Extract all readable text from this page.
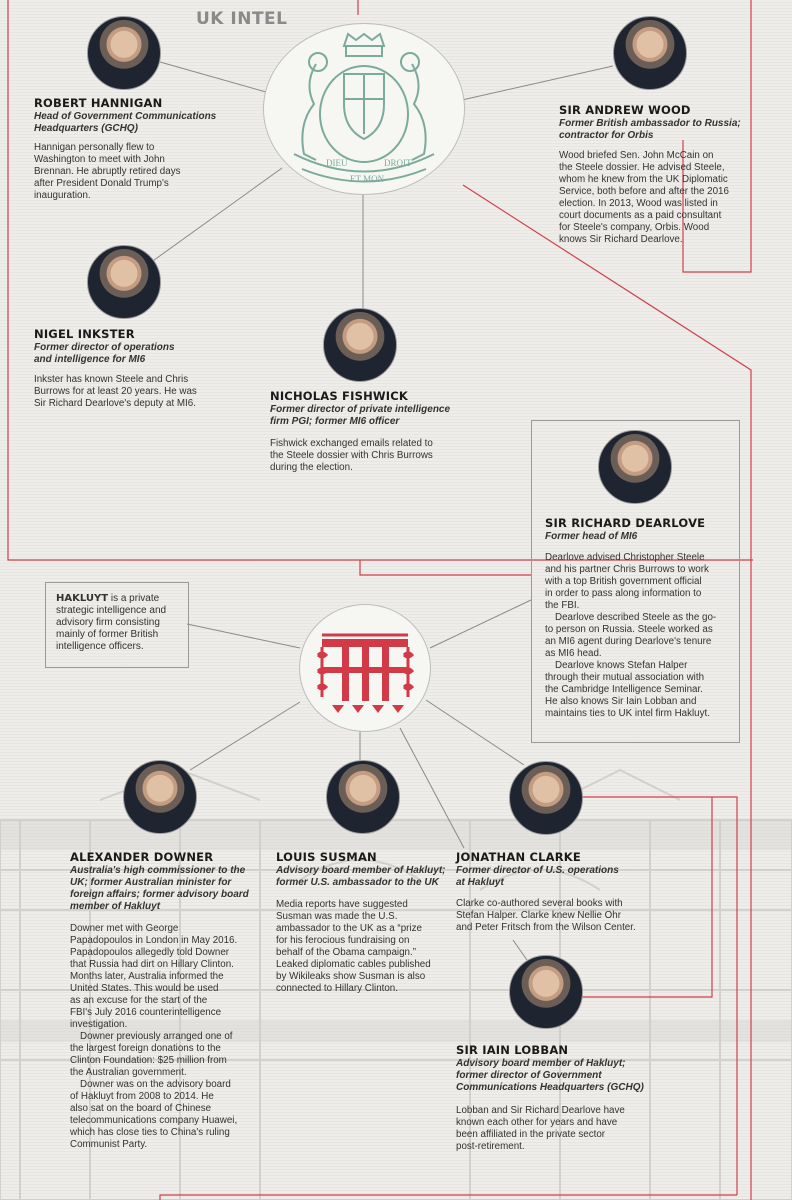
UK INTEL
DIEU	DROIT
ET MON
HAKLUYT is a private
strategic intelligence and
advisory firm consisting
mainly of former British
intelligence officers.
ROBERT HANNIGAN
Head of Government Communications
Headquarters (GCHQ)
Hannigan personally flew to
Washington to meet with John
Brennan. He abruptly retired days
after President Donald Trump's
inauguration.
SIR ANDREW WOOD
Former British ambassador to Russia;
contractor for Orbis
Wood briefed Sen. John McCain on
the Steele dossier. He advised Steele,
whom he knew from the UK Diplomatic
Service, both before and after the 2016
election. In 2013, Wood was listed in
court documents as a paid consultant
for Steele's company, Orbis. Wood
knows Sir Richard Dearlove.
NIGEL INKSTER
Former director of operations
and intelligence for MI6
Inkster has known Steele and Chris
Burrows for at least 20 years. He was
Sir Richard Dearlove's deputy at MI6.
NICHOLAS FISHWICK
Former director of private intelligence
firm PGI; former MI6 officer
Fishwick exchanged emails related to
the Steele dossier with Chris Burrows
during the election.
SIR RICHARD DEARLOVE
Former head of MI6

Dearlove advised Christopher Steele
and his partner Chris Burrows to work
with a top British government official
in order to pass along information to
the FBI.

Dearlove described Steele as the go-
to person on Russia. Steele worked as
an MI6 agent during Dearlove's tenure
as MI6 head.

Dearlove knows Stefan Halper
through their mutual association with
the Cambridge Intelligence Seminar.
He also knows Sir Iain Lobban and
maintains ties to UK intel firm Hakluyt.

ALEXANDER DOWNER
Australia's high commissioner to the
UK; former Australian minister for
foreign affairs; former advisory board
member of Hakluyt

Downer met with George
Papadopoulos in London in May 2016.
Papadopoulos allegedly told Downer
that Russia had dirt on Hillary Clinton.
Months later, Australia informed the
United States. This would be used
as an excuse for the start of the
FBI's July 2016 counterintelligence
investigation.

Downer previously arranged one of
the largest foreign donations to the
Clinton Foundation: $25 million from
the Australian government.

Downer was on the advisory board
of Hakluyt from 2008 to 2014. He
also sat on the board of Chinese
telecommunications company Huawei,
which has close ties to China's ruling
Communist Party.

LOUIS SUSMAN
Advisory board member of Hakluyt;
former U.S. ambassador to the UK
Media reports have suggested
Susman was made the U.S.
ambassador to the UK as a “prize
for his ferocious fundraising on
behalf of the Obama campaign.”
Leaked diplomatic cables published
by Wikileaks show Susman is also
connected to Hillary Clinton.
JONATHAN CLARKE
Former director of U.S. operations
at Hakluyt
Clarke co-authored several books with
Stefan Halper. Clarke knew Nellie Ohr
and Peter Fritsch from the Wilson Center.
SIR IAIN LOBBAN
Advisory board member of Hakluyt;
former director of Government
Communications Headquarters (GCHQ)
Lobban and Sir Richard Dearlove have
known each other for years and have
been affiliated in the private sector
post-retirement.
